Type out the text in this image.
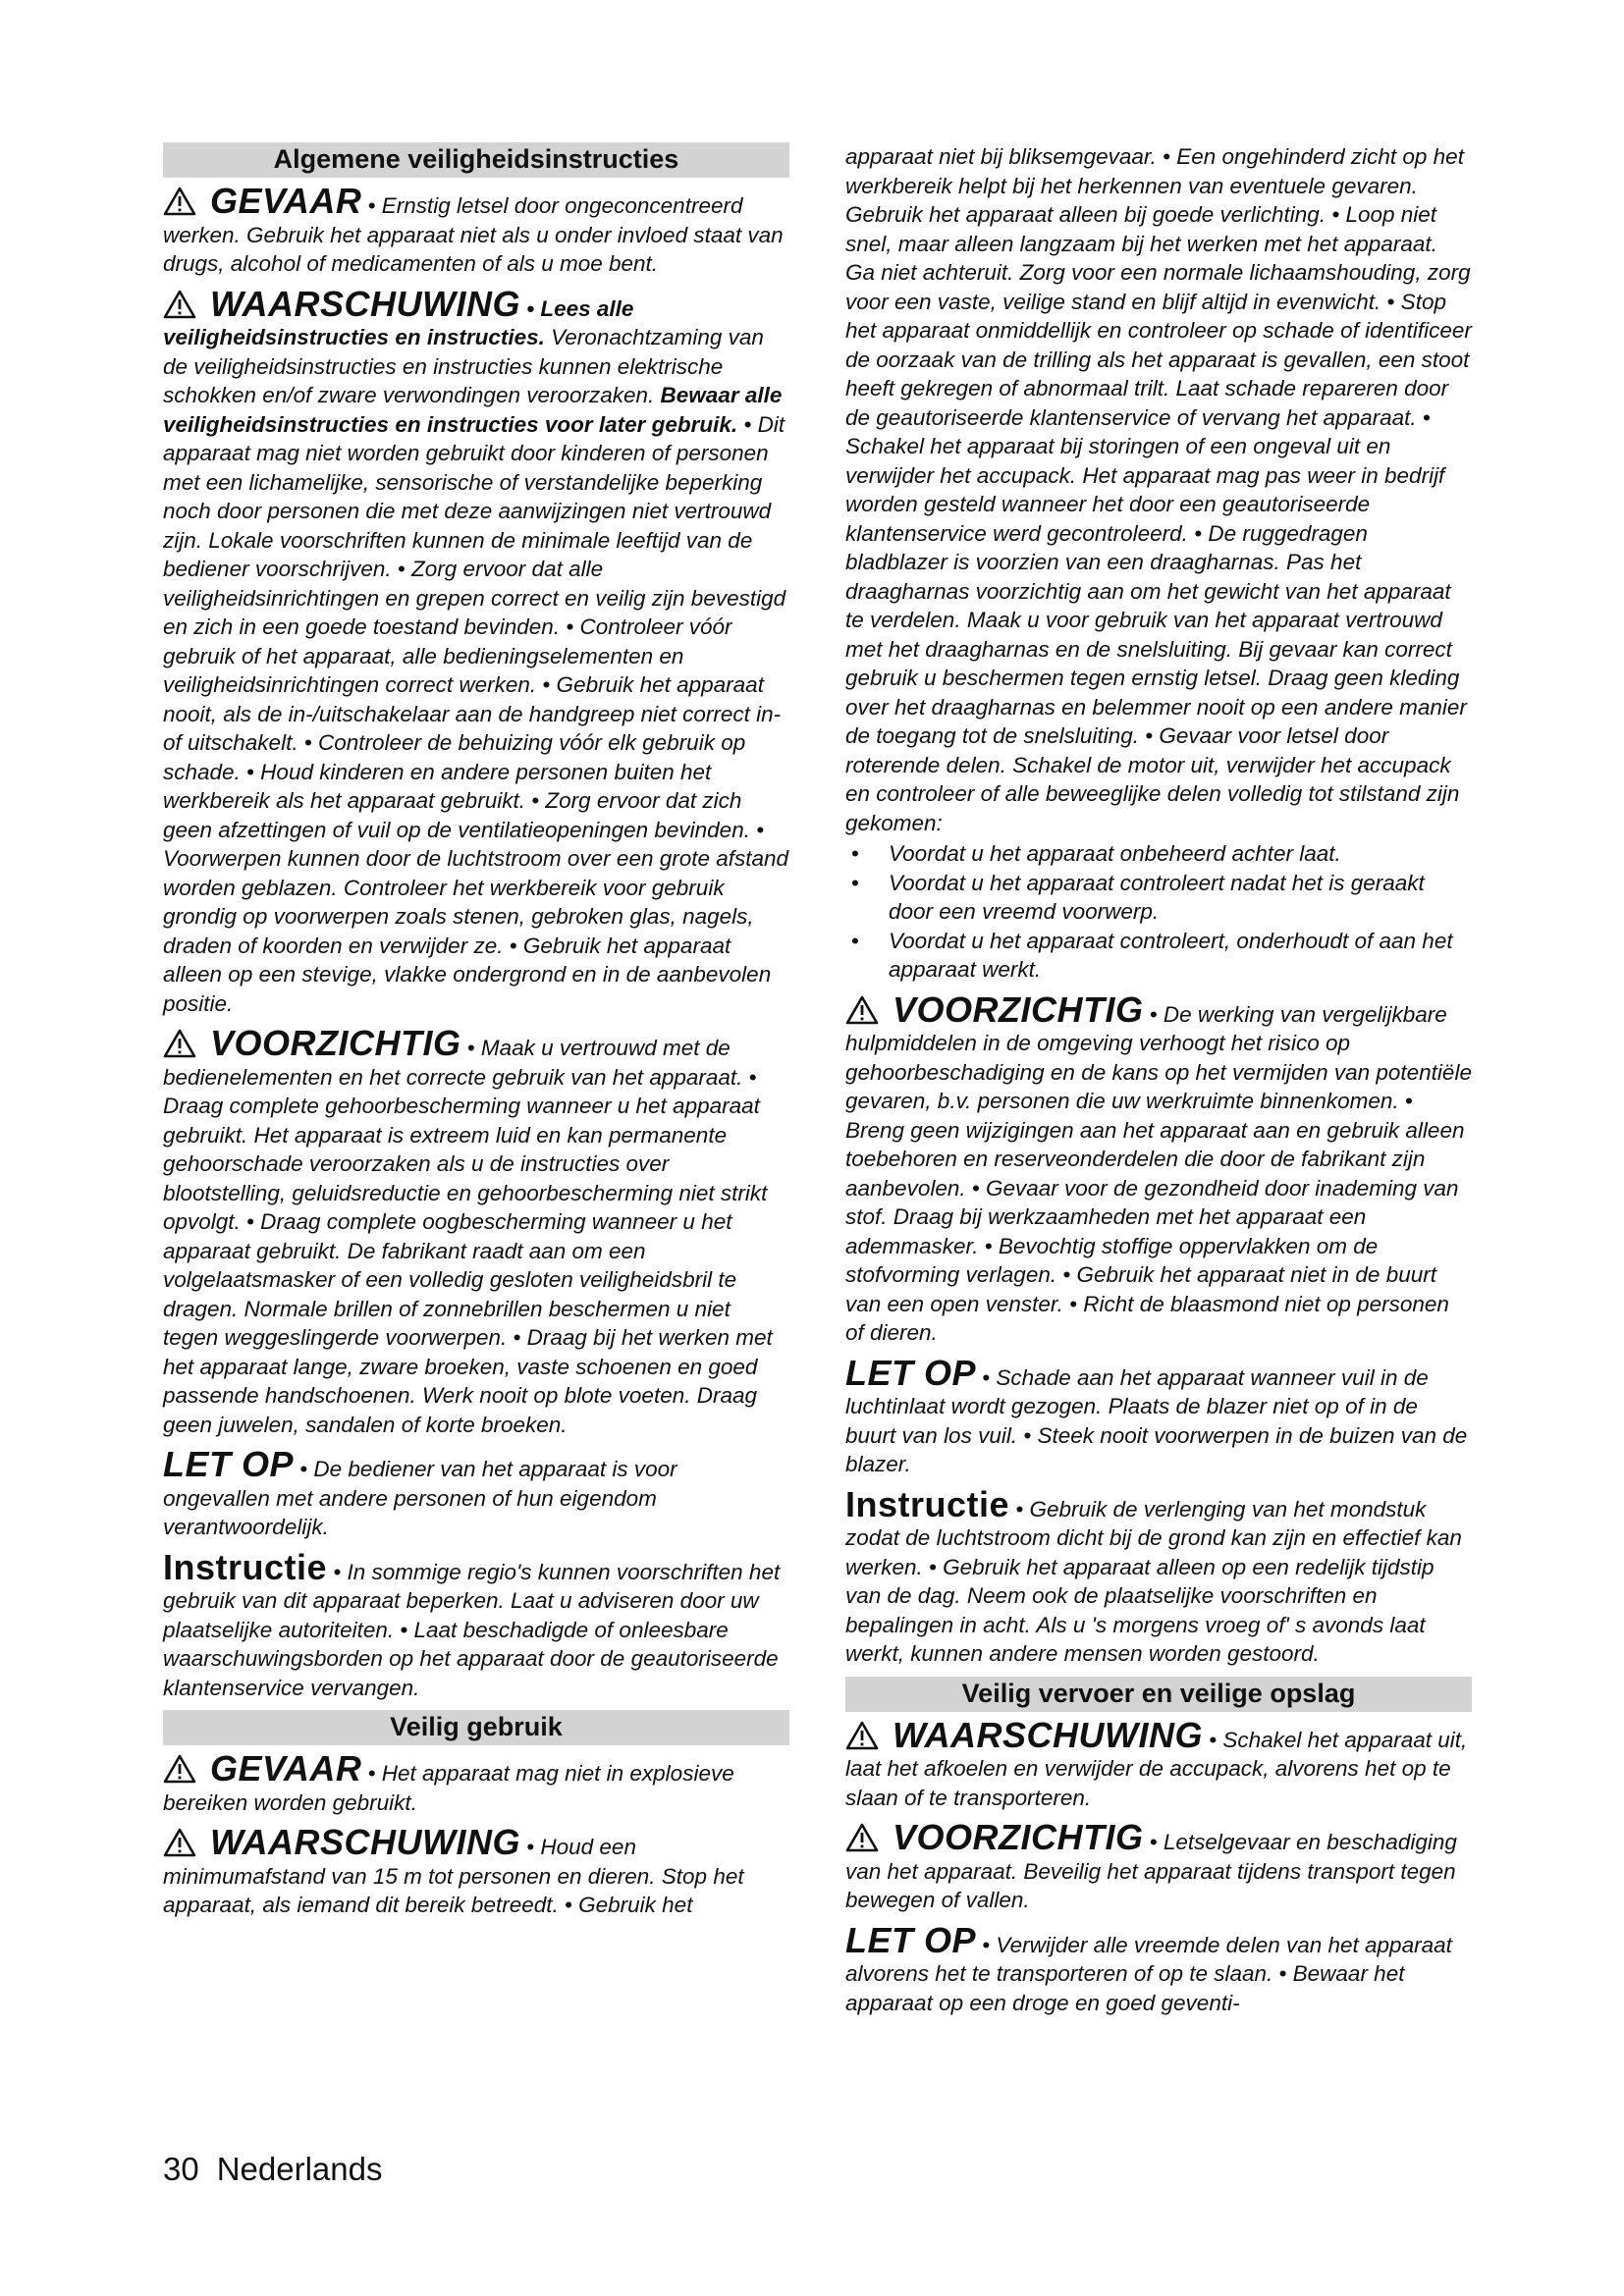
Algemene veiligheidsinstructies

GEVAAR • Ernstig letsel door ongeconcentreerd werken. Gebruik het apparaat niet als u onder invloed staat van drugs, alcohol of medicamenten of als u moe bent.

WAARSCHUWING • Lees alle veiligheidsinstructies en instructies. Veronachtzaming van de veiligheidsinstructies en instructies kunnen elektrische schokken en/of zware verwondingen veroorzaken. Bewaar alle veiligheidsinstructies en instructies voor later gebruik. • Dit apparaat mag niet worden gebruikt door kinderen of personen met een lichamelijke, sensorische of verstandelijke beperking noch door personen die met deze aanwijzingen niet vertrouwd zijn. Lokale voorschriften kunnen de minimale leeftijd van de bediener voorschrijven. • Zorg ervoor dat alle veiligheidsinrichtingen en grepen correct en veilig zijn bevestigd en zich in een goede toestand bevinden. • Controleer vóór gebruik of het apparaat, alle bedieningselementen en veiligheidsinrichtingen correct werken. • Gebruik het apparaat nooit, als de in-/uitschakelaar aan de handgreep niet correct in- of uitschakelt. • Controleer de behuizing vóór elk gebruik op schade. • Houd kinderen en andere personen buiten het werkbereik als het apparaat gebruikt. • Zorg ervoor dat zich geen afzettingen of vuil op de ventilatieopeningen bevinden. • Voorwerpen kunnen door de luchtstroom over een grote afstand worden geblazen. Controleer het werkbereik voor gebruik grondig op voorwerpen zoals stenen, gebroken glas, nagels, draden of koorden en verwijder ze. • Gebruik het apparaat alleen op een stevige, vlakke ondergrond en in de aanbevolen positie.

VOORZICHTIG • Maak u vertrouwd met de bedienelementen en het correcte gebruik van het apparaat. • Draag complete gehoorbescherming wanneer u het apparaat gebruikt. Het apparaat is extreem luid en kan permanente gehoorschade veroorzaken als u de instructies over blootstelling, geluidsreductie en gehoorbescherming niet strikt opvolgt. • Draag complete oogbescherming wanneer u het apparaat gebruikt. De fabrikant raadt aan om een volgelaatsmasker of een volledig gesloten veiligheidsbril te dragen. Normale brillen of zonnebrillen beschermen u niet tegen weggeslingerde voorwerpen. • Draag bij het werken met het apparaat lange, zware broeken, vaste schoenen en goed passende handschoenen. Werk nooit op blote voeten. Draag geen juwelen, sandalen of korte broeken.

LET OP • De bediener van het apparaat is voor ongevallen met andere personen of hun eigendom verantwoordelijk.

Instructie • In sommige regio's kunnen voorschriften het gebruik van dit apparaat beperken. Laat u adviseren door uw plaatselijke autoriteiten. • Laat beschadigde of onleesbare waarschuwingsborden op het apparaat door de geautoriseerde klantenservice vervangen.

Veilig gebruik

GEVAAR • Het apparaat mag niet in explosieve bereiken worden gebruikt.

WAARSCHUWING • Houd een minimumafstand van 15 m tot personen en dieren. Stop het apparaat, als iemand dit bereik betreedt. • Gebruik het

apparaat niet bij bliksemgevaar. • Een ongehinderd zicht op het werkbereik helpt bij het herkennen van eventuele gevaren. Gebruik het apparaat alleen bij goede verlichting. • Loop niet snel, maar alleen langzaam bij het werken met het apparaat. Ga niet achteruit. Zorg voor een normale lichaamshouding, zorg voor een vaste, veilige stand en blijf altijd in evenwicht. • Stop het apparaat onmiddellijk en controleer op schade of identificeer de oorzaak van de trilling als het apparaat is gevallen, een stoot heeft gekregen of abnormaal trilt. Laat schade repareren door de geautoriseerde klantenservice of vervang het apparaat. • Schakel het apparaat bij storingen of een ongeval uit en verwijder het accupack. Het apparaat mag pas weer in bedrijf worden gesteld wanneer het door een geautoriseerde klantenservice werd gecontroleerd. • De ruggedragen bladblazer is voorzien van een draagharnas. Pas het draagharnas voorzichtig aan om het gewicht van het apparaat te verdelen. Maak u voor gebruik van het apparaat vertrouwd met het draagharnas en de snelsluiting. Bij gevaar kan correct gebruik u beschermen tegen ernstig letsel. Draag geen kleding over het draagharnas en belemmer nooit op een andere manier de toegang tot de snelsluiting. • Gevaar voor letsel door roterende delen. Schakel de motor uit, verwijder het accupack en controleer of alle beweeglijke delen volledig tot stilstand zijn gekomen:

• Voordat u het apparaat onbeheerd achter laat.
• Voordat u het apparaat controleert nadat het is geraakt door een vreemd voorwerp.
• Voordat u het apparaat controleert, onderhoudt of aan het apparaat werkt.

VOORZICHTIG • De werking van vergelijkbare hulpmiddelen in de omgeving verhoogt het risico op gehoorbeschadiging en de kans op het vermijden van potentiële gevaren, b.v. personen die uw werkruimte binnenkomen. • Breng geen wijzigingen aan het apparaat aan en gebruik alleen toebehoren en reserveonderdelen die door de fabrikant zijn aanbevolen. • Gevaar voor de gezondheid door inademing van stof. Draag bij werkzaamheden met het apparaat een ademmasker. • Bevochtig stoffige oppervlakken om de stofvorming verlagen. • Gebruik het apparaat niet in de buurt van een open venster. • Richt de blaasmond niet op personen of dieren.

LET OP • Schade aan het apparaat wanneer vuil in de luchtinlaat wordt gezogen. Plaats de blazer niet op of in de buurt van los vuil. • Steek nooit voorwerpen in de buizen van de blazer.

Instructie • Gebruik de verlenging van het mondstuk zodat de luchtstroom dicht bij de grond kan zijn en effectief kan werken. • Gebruik het apparaat alleen op een redelijk tijdstip van de dag. Neem ook de plaatselijke voorschriften en bepalingen in acht. Als u 's morgens vroeg of' s avonds laat werkt, kunnen andere mensen worden gestoord.

Veilig vervoer en veilige opslag

WAARSCHUWING • Schakel het apparaat uit, laat het afkoelen en verwijder de accupack, alvorens het op te slaan of te transporteren.

VOORZICHTIG • Letselgevaar en beschadiging van het apparaat. Beveilig het apparaat tijdens transport tegen bewegen of vallen.

LET OP • Verwijder alle vreemde delen van het apparaat alvorens het te transporteren of op te slaan. • Bewaar het apparaat op een droge en goed geventi-

30 Nederlands
